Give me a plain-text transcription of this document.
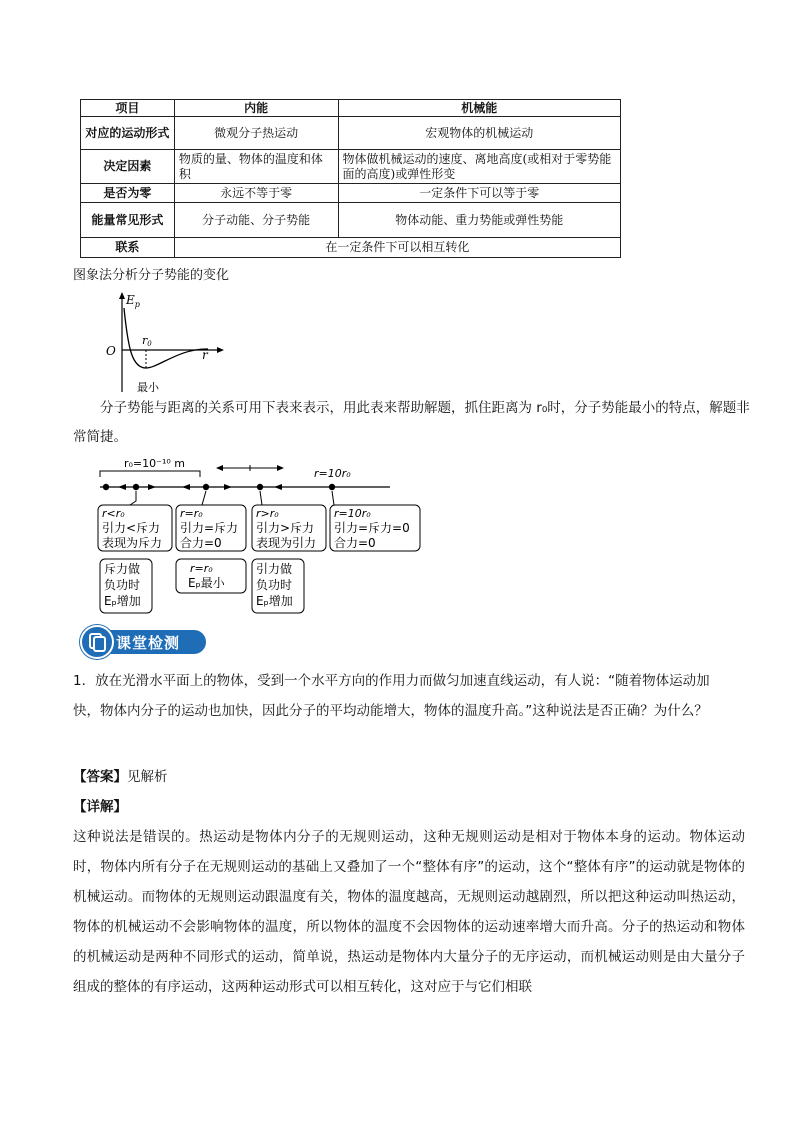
项目	内能	机械能
对应的运动形式	微观分子热运动	宏观物体的机械运动
决定因素	物质的量、物体的温度和体积	物体做机械运动的速度、离地高度(或相对于零势能面的高度)或弹性形变
是否为零	永远不等于零	一定条件下可以等于零
能量常见形式	分子动能、分子势能	物体动能、重力势能或弹性势能
联系	在一定条件下可以相互转化	
图象法分析分子势能的变化
$E_p$
O	r
r0
最小
分子势能与距离的关系可用下表来表示，用此表来帮助解题，抓住距离为 r₀时，分子势能最小的特点，解题非常简捷。
r₀=10⁻¹⁰ m
r=10r₀
r<r₀
引力<斥力
表现为斥力
r=r₀
引力=斥力
合力=0
r>r₀
引力>斥力
表现为引力
r=10r₀
引力=斥力=0
合力=0
斥力做
负功时
Eₚ增加
r=r₀
Eₚ最小
引力做
负功时
Eₚ增加
课堂检测
1．放在光滑水平面上的物体，受到一个水平方向的作用力而做匀加速直线运动，有人说：“随着物体运动加快，物体内分子的运动也加快，因此分子的平均动能增大，物体的温度升高。”这种说法是否正确？为什么？
【答案】见解析
【详解】
这种说法是错误的。热运动是物体内分子的无规则运动，这种无规则运动是相对于物体本身的运动。物体运动时，物体内所有分子在无规则运动的基础上又叠加了一个“整体有序”的运动，这个“整体有序”的运动就是物体的机械运动。而物体的无规则运动跟温度有关，物体的温度越高，无规则运动越剧烈，所以把这种运动叫热运动，物体的机械运动不会影响物体的温度，所以物体的温度不会因物体的运动速率增大而升高。分子的热运动和物体的机械运动是两种不同形式的运动，简单说，热运动是物体内大量分子的无序运动，而机械运动则是由大量分子组成的整体的有序运动，这两种运动形式可以相互转化，这对应于与它们相联
